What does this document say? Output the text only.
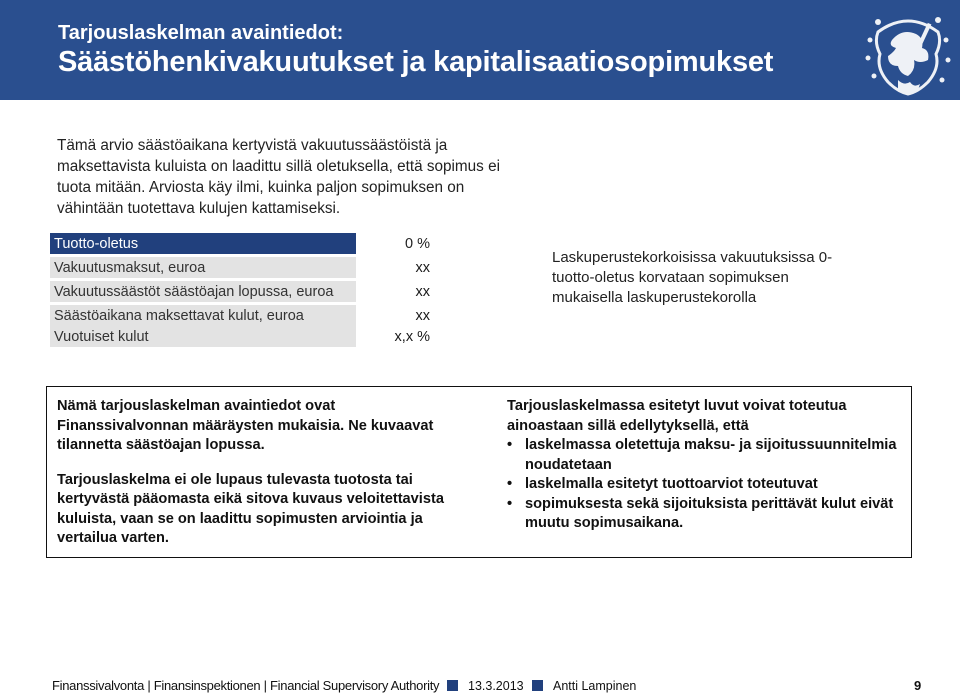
Tarjouslaskelman avaintiedot:
Säästöhenkivakuutukset ja kapitalisaatiosopimukset

Tämä arvio säästöaikana kertyvistä vakuutussäästöistä ja maksettavista kuluista on laadittu sillä oletuksella, että sopimus ei tuota mitään. Arviosta käy ilmi, kuinka paljon sopimuksen on vähintään tuotettava kulujen kattamiseksi.

Tuotto-oletus	0 %

Vakuutusmaksut, euroa	xx

Vakuutussäästöt säästöajan lopussa, euroa	xx

Säästöaikana maksettavat kulut, euroa	xx
Vuotuiset kulut	x,x %
Laskuperustekorkoisissa vakuutuksissa 0-tuotto-oletus korvataan sopimuksen mukaisella laskuperustekorolla

Nämä tarjouslaskelman avaintiedot ovat Finanssivalvonnan määräysten mukaisia. Ne kuvaavat tilannetta säästöajan lopussa.

Tarjouslaskelma ei ole lupaus tulevasta tuotosta tai kertyvästä pääomasta eikä sitova kuvaus veloitettavista kuluista, vaan se on laadittu sopimusten arviointia ja vertailua varten.

Tarjouslaskelmassa esitetyt luvut voivat toteutua ainoastaan sillä edellytyksellä, että

• laskelmassa oletettuja maksu- ja sijoitussuunnitelmia noudatetaan
• laskelmalla esitetyt tuottoarviot toteutuvat
• sopimuksesta sekä sijoituksista perittävät kulut eivät muutu sopimusaikana.
Finanssivalvonta | Finansinspektionen | Financial Supervisory Authority 13.3.2013 Antti Lampinen	9
